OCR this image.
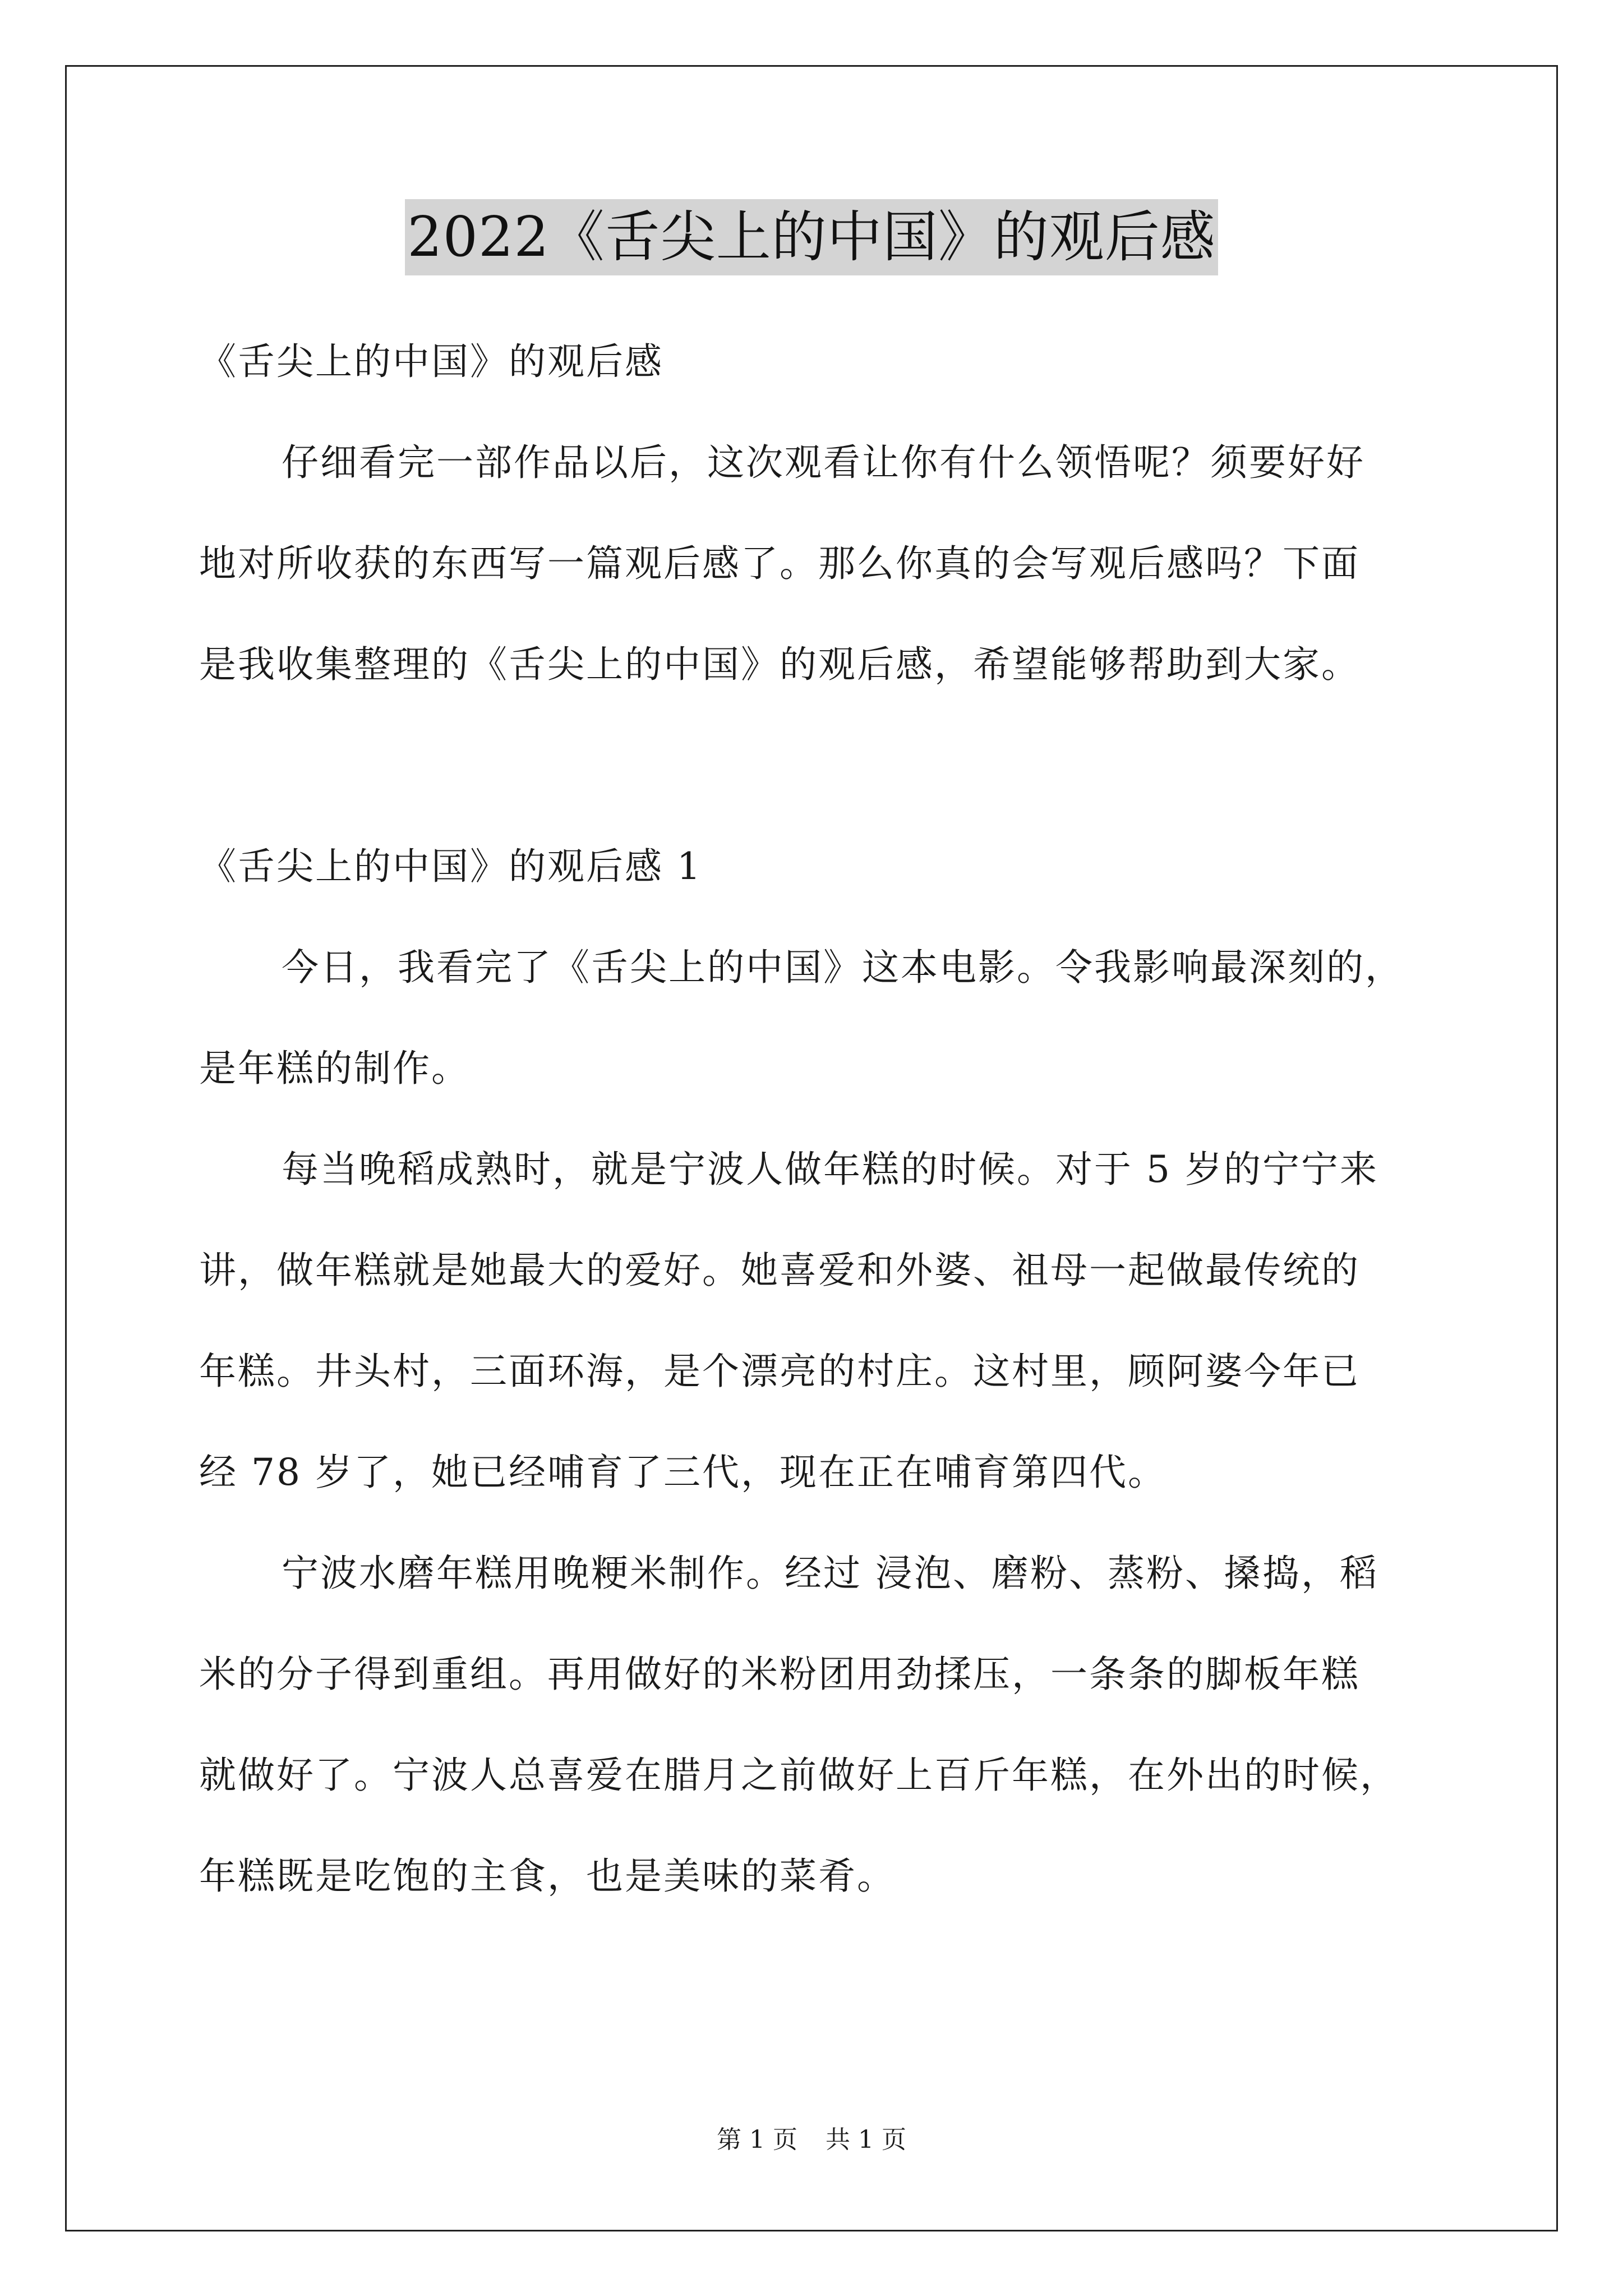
2022《舌尖上的中国》的观后感
《舌尖上的中国》的观后感
仔细看完一部作品以后，这次观看让你有什么领悟呢？须要好好
地对所收获的东西写一篇观后感了。那么你真的会写观后感吗？下面
是我收集整理的《舌尖上的中国》的观后感，希望能够帮助到大家。
《舌尖上的中国》的观后感 1
今日，我看完了《舌尖上的中国》这本电影。令我影响最深刻的，
是年糕的制作。
每当晚稻成熟时，就是宁波人做年糕的时候。对于 5 岁的宁宁来
讲，做年糕就是她最大的爱好。她喜爱和外婆、祖母一起做最传统的
年糕。井头村，三面环海，是个漂亮的村庄。这村里，顾阿婆今年已
经 78 岁了，她已经哺育了三代，现在正在哺育第四代。
宁波水磨年糕用晚粳米制作。经过 浸泡、磨粉、蒸粉、搡捣，稻
米的分子得到重组。再用做好的米粉团用劲揉压，一条条的脚板年糕
就做好了。宁波人总喜爱在腊月之前做好上百斤年糕，在外出的时候，
年糕既是吃饱的主食，也是美味的菜肴。
第 1 页 共 1 页
